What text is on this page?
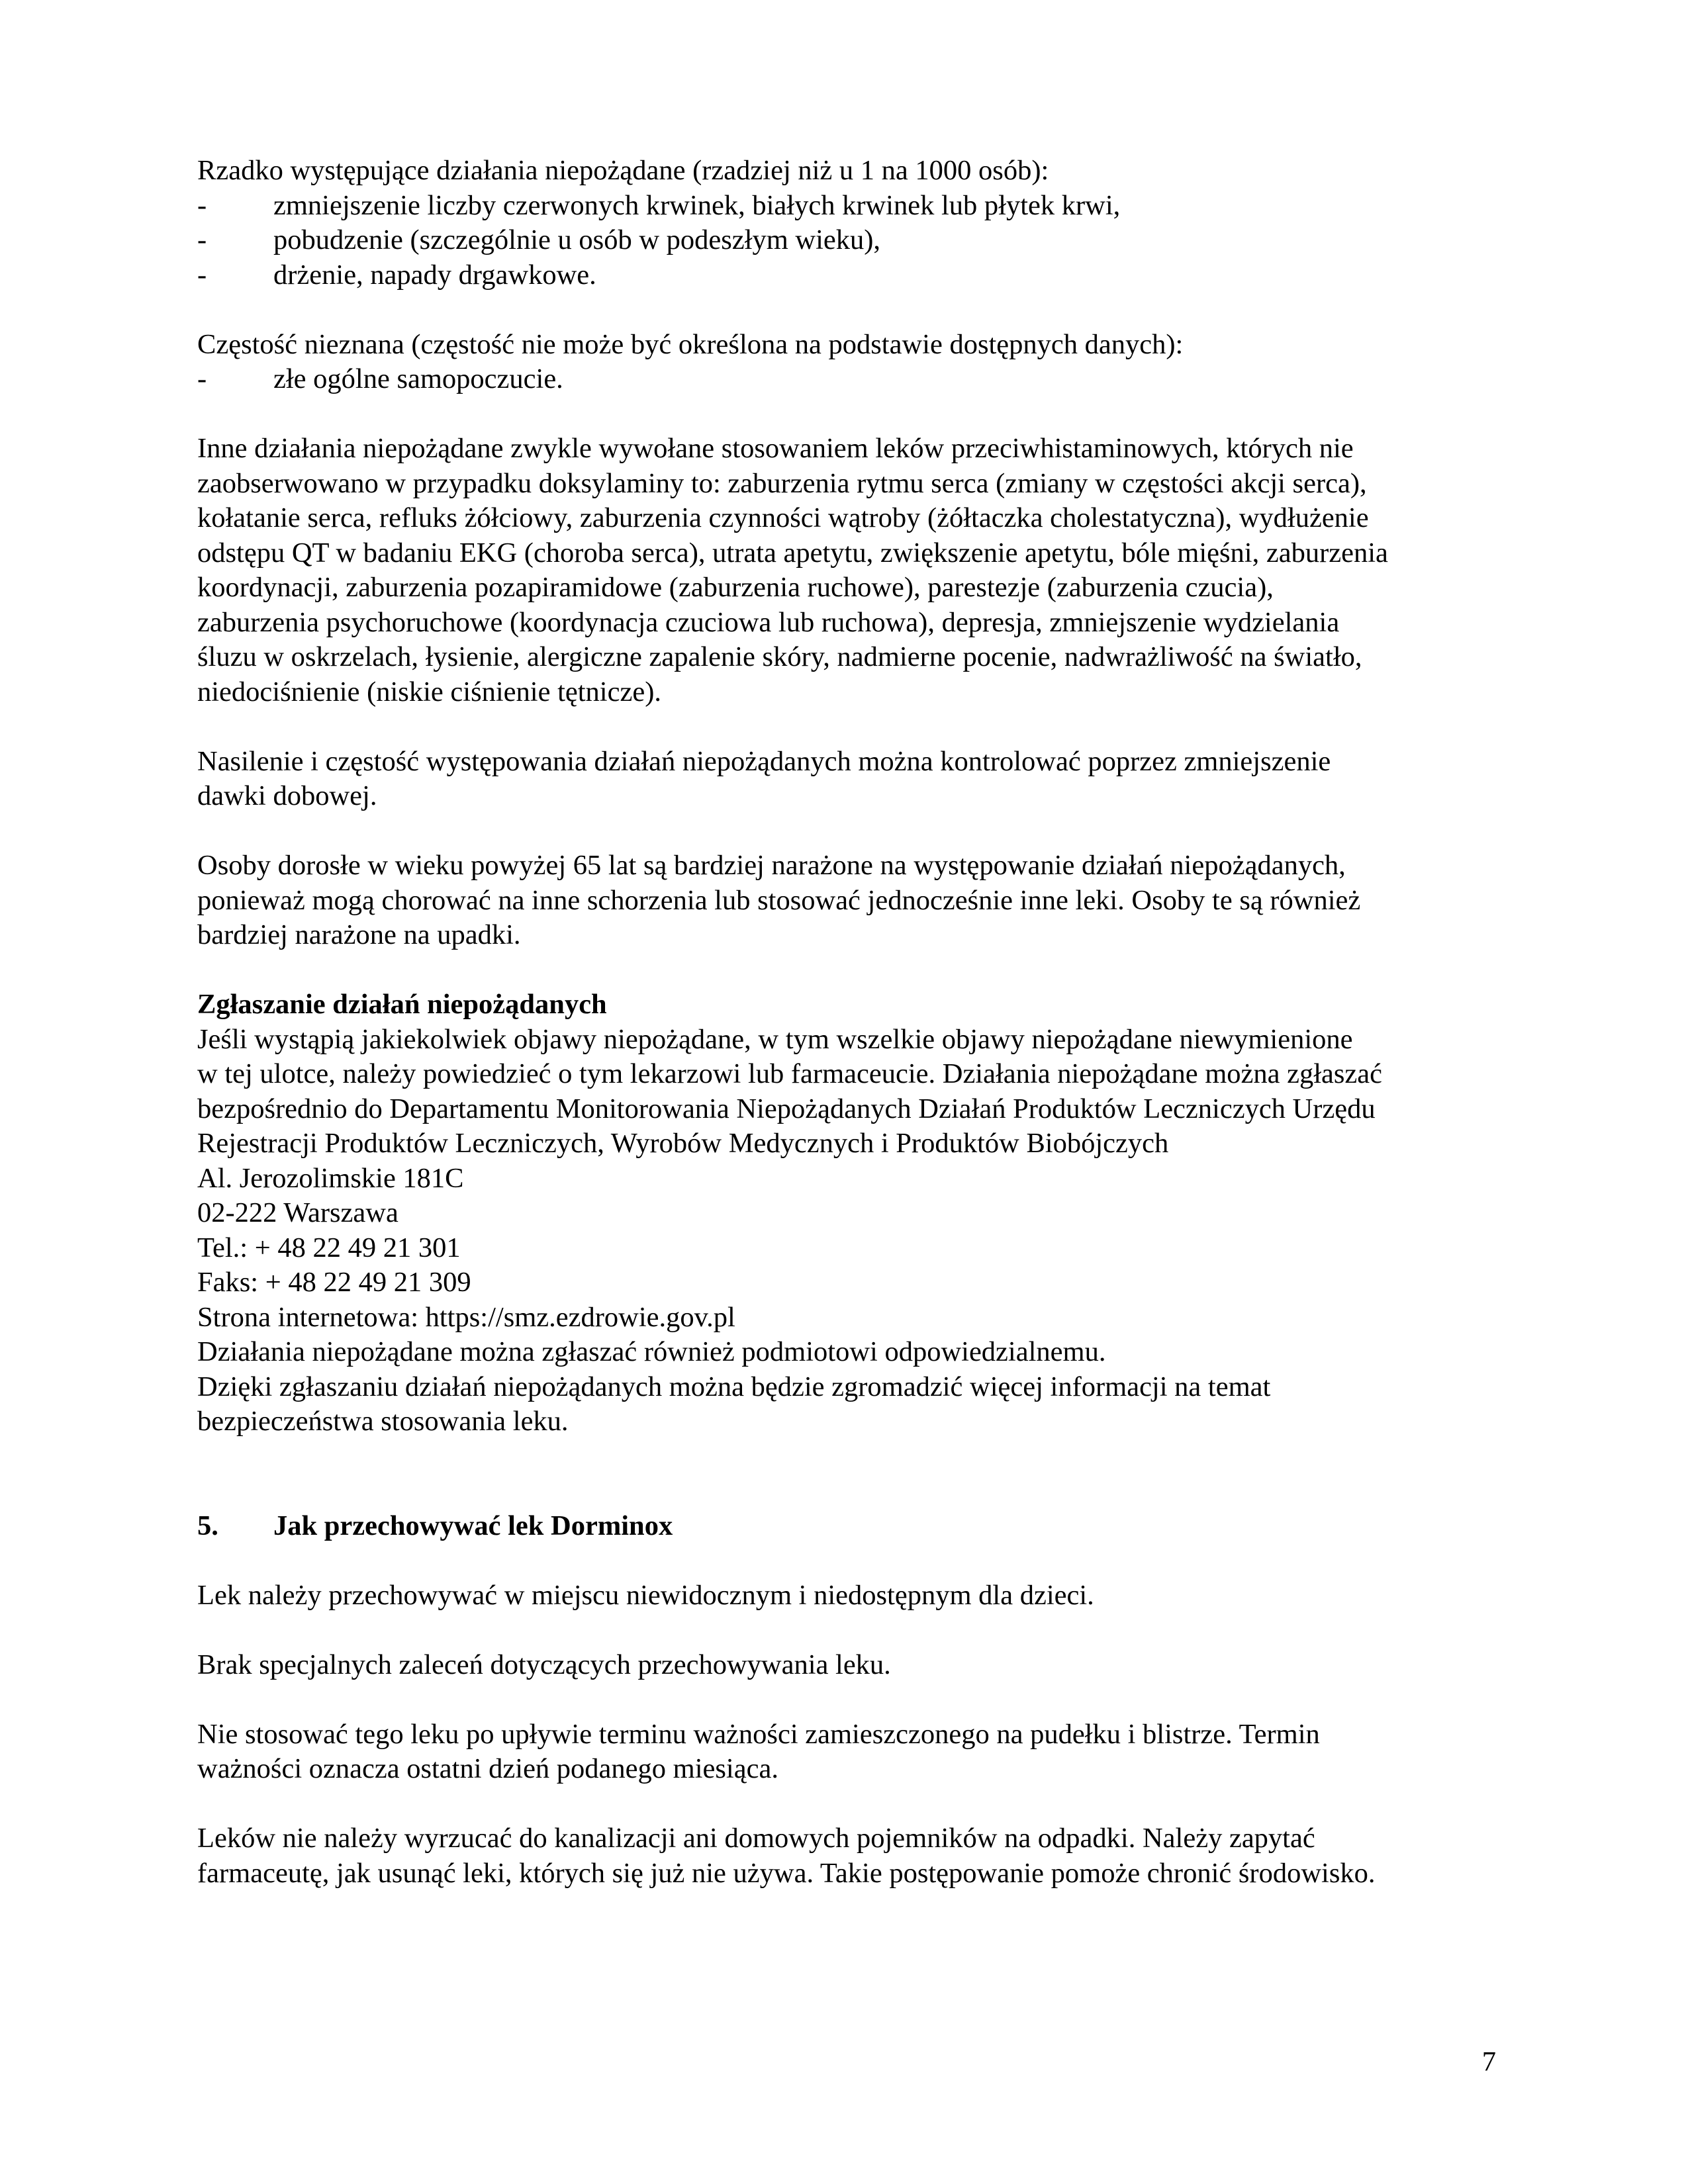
Rzadko występujące działania niepożądane (rzadziej niż u 1 na 1000 osób):
-	zmniejszenie liczby czerwonych krwinek, białych krwinek lub płytek krwi,
-	pobudzenie (szczególnie u osób w podeszłym wieku),
-	drżenie, napady drgawkowe.
Częstość nieznana (częstość nie może być określona na podstawie dostępnych danych):
-	złe ogólne samopoczucie.
Inne działania niepożądane zwykle wywołane stosowaniem leków przeciwhistaminowych, których nie
zaobserwowano w przypadku doksylaminy to: zaburzenia rytmu serca (zmiany w częstości akcji serca),
kołatanie serca, refluks żółciowy, zaburzenia czynności wątroby (żółtaczka cholestatyczna), wydłużenie
odstępu QT w badaniu EKG (choroba serca), utrata apetytu, zwiększenie apetytu, bóle mięśni, zaburzenia
koordynacji, zaburzenia pozapiramidowe (zaburzenia ruchowe), parestezje (zaburzenia czucia),
zaburzenia psychoruchowe (koordynacja czuciowa lub ruchowa), depresja, zmniejszenie wydzielania
śluzu w oskrzelach, łysienie, alergiczne zapalenie skóry, nadmierne pocenie, nadwrażliwość na światło,
niedociśnienie (niskie ciśnienie tętnicze).
Nasilenie i częstość występowania działań niepożądanych można kontrolować poprzez zmniejszenie
dawki dobowej.
Osoby dorosłe w wieku powyżej 65 lat są bardziej narażone na występowanie działań niepożądanych,
ponieważ mogą chorować na inne schorzenia lub stosować jednocześnie inne leki. Osoby te są również
bardziej narażone na upadki.
Zgłaszanie działań niepożądanych
Jeśli wystąpią jakiekolwiek objawy niepożądane, w tym wszelkie objawy niepożądane niewymienione
w tej ulotce, należy powiedzieć o tym lekarzowi lub farmaceucie. Działania niepożądane można zgłaszać
bezpośrednio do Departamentu Monitorowania Niepożądanych Działań Produktów Leczniczych Urzędu
Rejestracji Produktów Leczniczych, Wyrobów Medycznych i Produktów Biobójczych
Al. Jerozolimskie 181C
02-222 Warszawa
Tel.: + 48 22 49 21 301
Faks: + 48 22 49 21 309
Strona internetowa: https://smz.ezdrowie.gov.pl
Działania niepożądane można zgłaszać również podmiotowi odpowiedzialnemu.
Dzięki zgłaszaniu działań niepożądanych można będzie zgromadzić więcej informacji na temat
bezpieczeństwa stosowania leku.
5.	Jak przechowywać lek Dorminox
Lek należy przechowywać w miejscu niewidocznym i niedostępnym dla dzieci.
Brak specjalnych zaleceń dotyczących przechowywania leku.
Nie stosować tego leku po upływie terminu ważności zamieszczonego na pudełku i blistrze. Termin
ważności oznacza ostatni dzień podanego miesiąca.
Leków nie należy wyrzucać do kanalizacji ani domowych pojemników na odpadki. Należy zapytać
farmaceutę, jak usunąć leki, których się już nie używa. Takie postępowanie pomoże chronić środowisko.
7
